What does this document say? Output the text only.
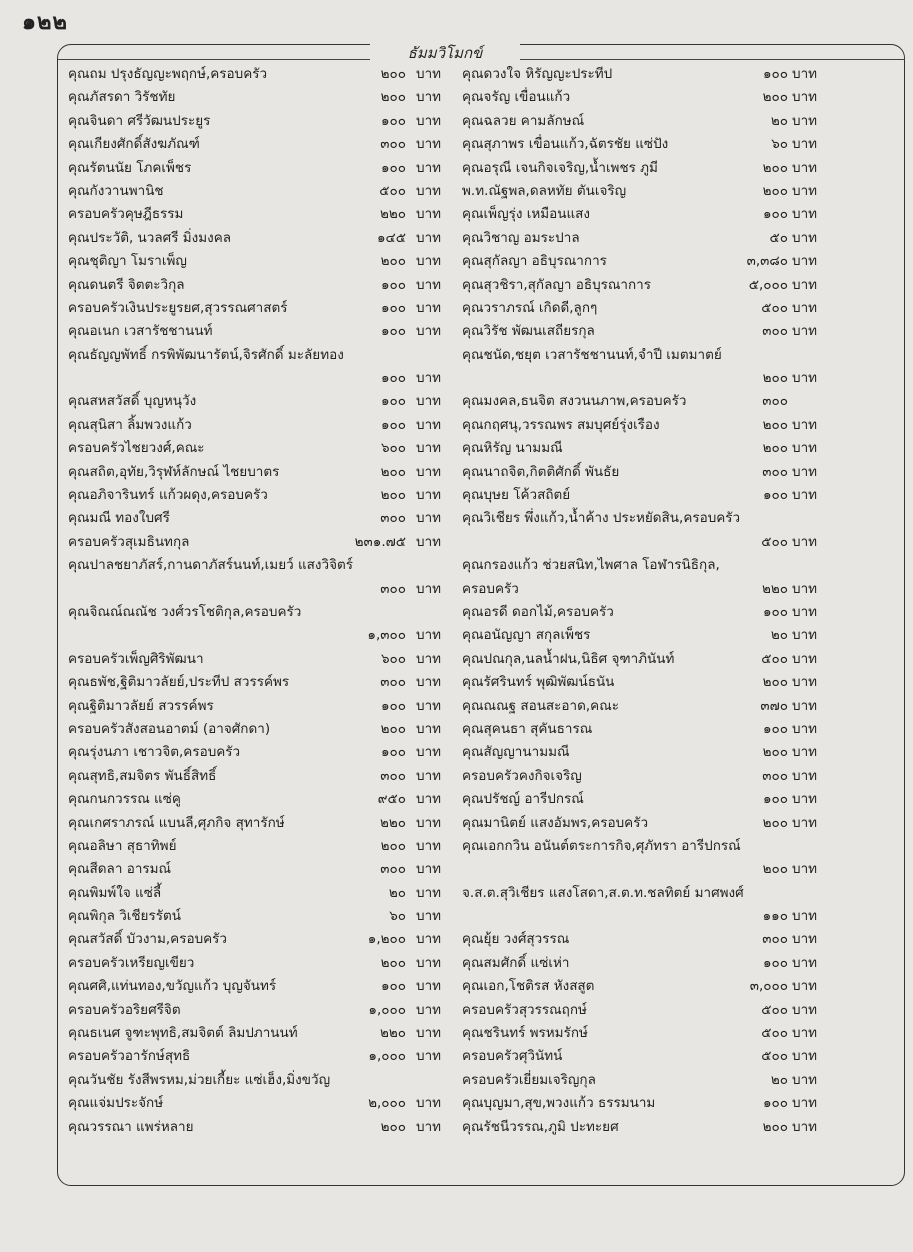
๑๒๒
ธัมมวิโมกข์
คุณถม ปรุงธัญญะพฤกษ์,ครอบครัว	๒๐๐ บาท
คุณภัสรดา วิรัชทัย	๒๐๐ บาท
คุณจินดา ศรีวัฒนประยูร	๑๐๐ บาท
คุณเกียงศักดิ์สังฆภัณฑ์	๓๐๐ บาท
คุณรัตนนัย โภคเพ็ชร	๑๐๐ บาท
คุณกังวานพานิช	๕๐๐ บาท
ครอบครัวคุษฎีธรรม	๒๒๐ บาท
คุณประวัติ, นวลศรี มิ่งมงคล	๑๔๕ บาท
คุณชุติญา โมราเพ็ญ	๒๐๐ บาท
คุณดนตรี จิตตะวิกุล	๑๐๐ บาท
ครอบครัวเงินประยูรยศ,สุวรรณศาสตร์	๑๐๐ บาท
คุณอเนก เวสารัชชานนท์	๑๐๐ บาท
คุณธัญญพัทธิ์ กรพิพัฒนารัตน์,จิรศักดิ์ มะลัยทอง
๑๐๐ บาท
คุณสหสวัสดิ์ บุญหนุวัง	๑๐๐ บาท
คุณสุนิสา ลิ้มพวงแก้ว	๑๐๐ บาท
ครอบครัวไชยวงศ์,คณะ	๖๐๐ บาท
คุณสถิต,อุทัย,วิรุฬห์ลักษณ์ ไชยบาตร	๒๐๐ บาท
คุณอภิจารินทร์ แก้วผดุง,ครอบครัว	๒๐๐ บาท
คุณมณี ทองใบศรี	๓๐๐ บาท
ครอบครัวสุเมธินทกุล	๒๓๑.๗๕ บาท
คุณปาลชยาภัสร์,กานดาภัสร์นนท์,เมยว์ แสงวิจิตร์
๓๐๐ บาท
คุณจิณณ์ณณัช วงศ์วรโชติกุล,ครอบครัว
๑,๓๐๐ บาท
ครอบครัวเพ็ญศิริพัฒนา	๖๐๐ บาท
คุณธพัช,ฐิติมาวลัยย์,ประทีป สวรรค์พร	๓๐๐ บาท
คุณฐิติมาวลัยย์ สวรรค์พร	๑๐๐ บาท
ครอบครัวสังสอนอาตม์ (อาจศักดา)	๒๐๐ บาท
คุณรุ่งนภา เชาวจิต,ครอบครัว	๑๐๐ บาท
คุณสุทธิ,สมจิตร พันธิ์สิทธิ์	๓๐๐ บาท
คุณกนกวรรณ แซ่คู	๙๕๐ บาท
คุณเกศราภรณ์ แบนลี,ศุภกิจ สุทารักษ์	๒๒๐ บาท
คุณอลิษา สุธาทิพย์	๒๐๐ บาท
คุณสีดลา อารมณ์	๓๐๐ บาท
คุณพิมพ์ใจ แซ่ลี้	๒๐ บาท
คุณพิกุล วิเชียรรัตน์	๖๐ บาท
คุณสวัสดิ์ บัวงาม,ครอบครัว	๑,๒๐๐ บาท
ครอบครัวเหรียญเขียว	๒๐๐ บาท
คุณศศิ,แท่นทอง,ขวัญแก้ว บุญจันทร์	๑๐๐ บาท
ครอบครัวอริยศรีจิต	๑,๐๐๐ บาท
คุณธเนศ จูฑะพุทธิ,สมจิตต์ ลิมปภานนท์	๒๒๐ บาท
ครอบครัวอารักษ์สุทธิ	๑,๐๐๐ บาท
คุณวันชัย รังสีพรหม,ม่วยเกี้ยะ แซ่เฮ็ง,มิ่งขวัญ
คุณแจ่มประจักษ์	๒,๐๐๐ บาท
คุณวรรณา แพร่หลาย	๒๐๐ บาท
คุณดวงใจ หิรัญญะประทีป	๑๐๐ บาท
คุณจรัญ เขื่อนแก้ว	๒๐๐ บาท
คุณฉลวย คามลักษณ์	๒๐ บาท
คุณสุภาพร เขื่อนแก้ว,ฉัตรชัย แซ่ปัง	๖๐ บาท
คุณอรุณี เจนกิจเจริญ,น้ำเพชร ภูมี	๒๐๐ บาท
พ.ท.ณัฐพล,ดลหทัย ตันเจริญ	๒๐๐ บาท
คุณเพ็ญรุ่ง เหมือนแสง	๑๐๐ บาท
คุณวิชาญ อมระปาล	๕๐ บาท
คุณสุกัลญา อธิบุรณาการ	๓,๓๘๐ บาท
คุณสุวชิรา,สุกัลญา อธิบุรณาการ	๕,๐๐๐ บาท
คุณวราภรณ์ เกิดดี,ลูกๆ	๕๐๐ บาท
คุณวิรัช พัฒนเสถียรกุล	๓๐๐ บาท
คุณชนัด,ชยุต เวสารัชชานนท์,จำปี เมตมาตย์
๒๐๐ บาท
คุณมงคล,ธนจิต สงวนนภาพ,ครอบครัว	๓๐๐
คุณกฤศนุ,วรรณพร สมบุศย์รุ่งเรือง	๒๐๐ บาท
คุณหิรัญ นามมณี	๒๐๐ บาท
คุณนาถจิต,กิตติศักดิ์ พันธัย	๓๐๐ บาท
คุณบุษย โค้วสถิตย์	๑๐๐ บาท
คุณวิเชียร พึ่งแก้ว,น้ำค้าง ประหยัดสิน,ครอบครัว
๕๐๐ บาท
คุณกรองแก้ว ช่วยสนิท,ไพศาล โอฬารนิธิกุล,
ครอบครัว	๒๒๐ บาท
คุณอรดี ดอกไม้,ครอบครัว	๑๐๐ บาท
คุณอนัญญา สกุลเพ็ชร	๒๐ บาท
คุณปณกุล,นลน้ำฝน,นิธิศ จุฑาภินันท์	๕๐๐ บาท
คุณรัศรินทร์ พุฒิพัฒน์ธนัน	๒๐๐ บาท
คุณณณฐ สอนสะอาด,คณะ	๓๗๐ บาท
คุณสุคนธา สุคันธารณ	๑๐๐ บาท
คุณสัญญานามมณี	๒๐๐ บาท
ครอบครัวคงกิจเจริญ	๓๐๐ บาท
คุณปรัชญ์ อารีปกรณ์	๑๐๐ บาท
คุณมานิตย์ แสงอัมพร,ครอบครัว	๒๐๐ บาท
คุณเอกกวิน อนันต์ตระการกิจ,ศุภัทรา อารีปกรณ์
๒๐๐ บาท
จ.ส.ต.สุวิเชียร แสงโสดา,ส.ต.ท.ชลทิตย์ มาศพงศ์
๑๑๐ บาท
คุณยุ้ย วงศ์สุวรรณ	๓๐๐ บาท
คุณสมศักดิ์ แซ่เห่า	๑๐๐ บาท
คุณเอก,โชติรส หังสสูต	๓,๐๐๐ บาท
ครอบครัวสุวรรณฤกษ์	๕๐๐ บาท
คุณชรินทร์ พรหมรักษ์	๕๐๐ บาท
ครอบครัวศุวินัทน์	๕๐๐ บาท
ครอบครัวเยี่ยมเจริญกุล	๒๐ บาท
คุณบุญมา,สุข,พวงแก้ว ธรรมนาม	๑๐๐ บาท
คุณรัชนีวรรณ,ภูมิ ปะทะยศ	๒๐๐ บาท
